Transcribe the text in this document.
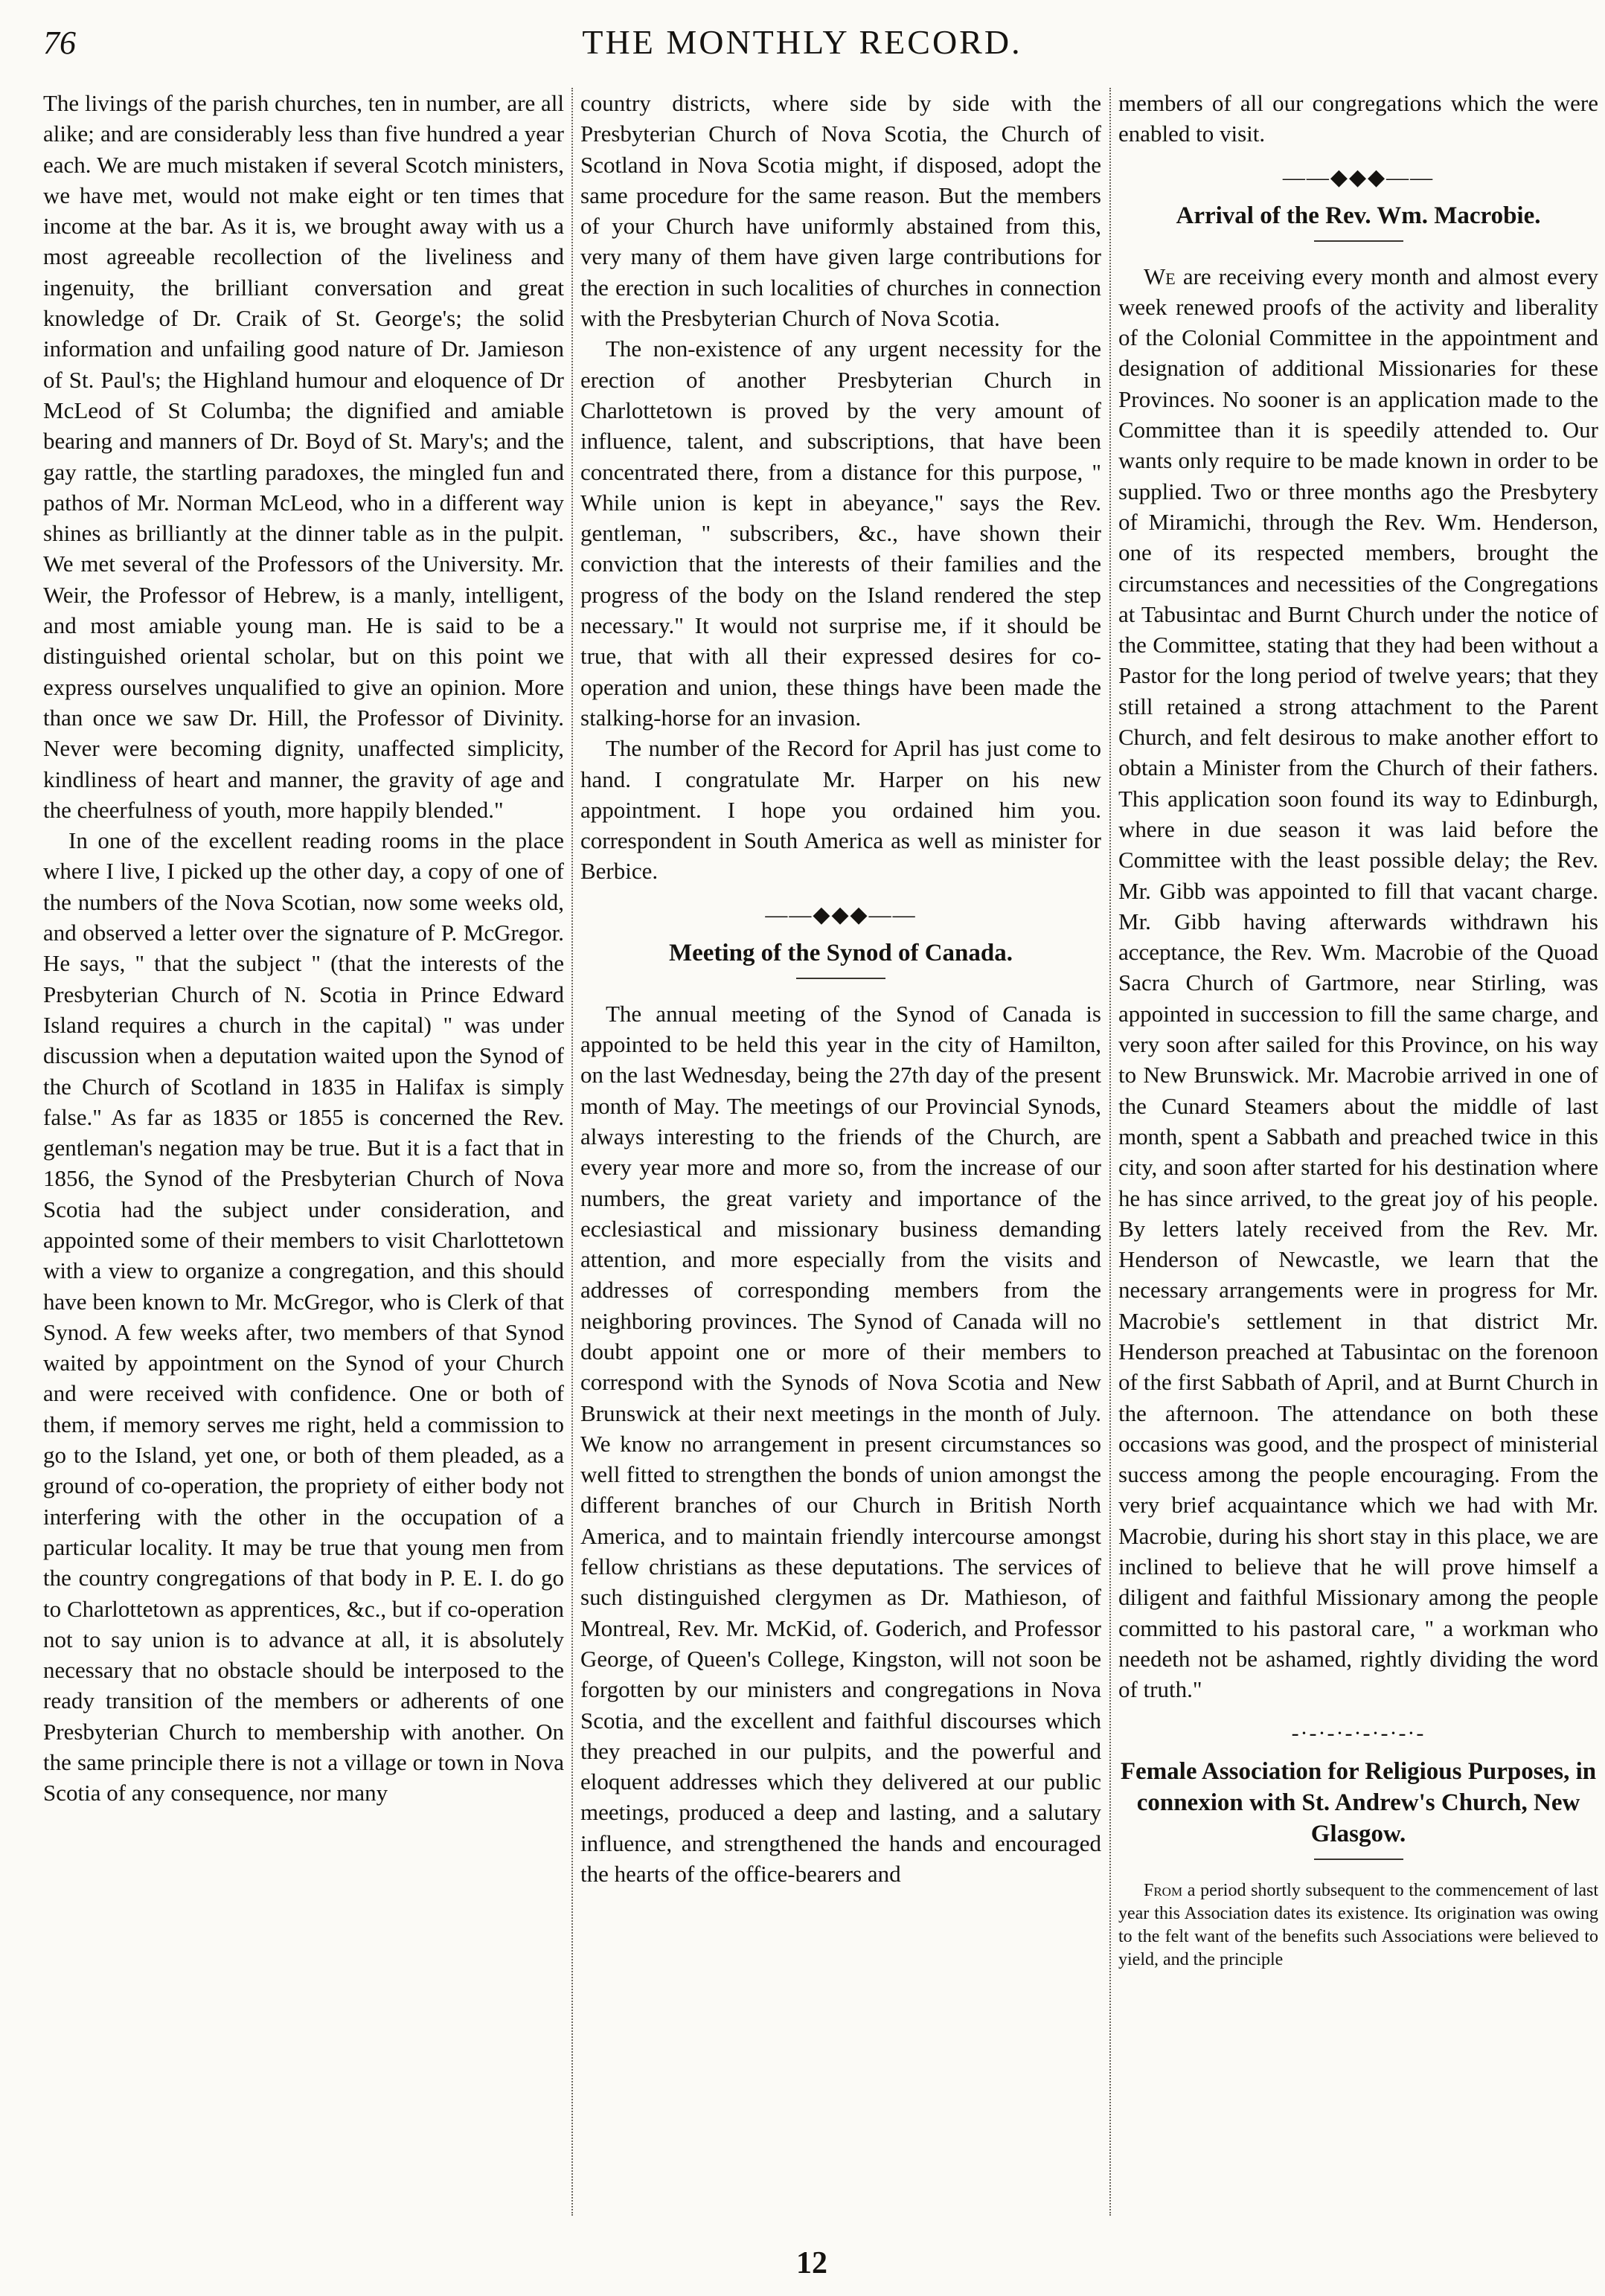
76	THE MONTHLY RECORD.

The livings of the parish churches, ten in number, are all alike; and are considerably less than five hundred a year each. We are much mistaken if several Scotch ministers, we have met, would not make eight or ten times that income at the bar. As it is, we brought away with us a most agreeable recollection of the liveliness and ingenuity, the brilliant conversation and great knowledge of Dr. Craik of St. George's; the solid information and unfailing good nature of Dr. Jamieson of St. Paul's; the Highland humour and eloquence of Dr McLeod of St Columba; the dignified and amiable bearing and manners of Dr. Boyd of St. Mary's; and the gay rattle, the startling paradoxes, the mingled fun and pathos of Mr. Norman McLeod, who in a different way shines as brilliantly at the dinner table as in the pulpit. We met several of the Professors of the University. Mr. Weir, the Professor of Hebrew, is a manly, intelligent, and most amiable young man. He is said to be a distinguished oriental scholar, but on this point we express ourselves unqualified to give an opinion. More than once we saw Dr. Hill, the Professor of Divinity. Never were becoming dignity, unaffected simplicity, kindliness of heart and manner, the gravity of age and the cheerfulness of youth, more happily blended."

In one of the excellent reading rooms in the place where I live, I picked up the other day, a copy of one of the numbers of the Nova Scotian, now some weeks old, and observed a letter over the signature of P. McGregor. He says, " that the subject " (that the interests of the Presbyterian Church of N. Scotia in Prince Edward Island requires a church in the capital) " was under discussion when a deputation waited upon the Synod of the Church of Scotland in 1835 in Halifax is simply false." As far as 1835 or 1855 is concerned the Rev. gentleman's negation may be true. But it is a fact that in 1856, the Synod of the Presbyterian Church of Nova Scotia had the subject under consideration, and appointed some of their members to visit Charlottetown with a view to organize a congregation, and this should have been known to Mr. McGregor, who is Clerk of that Synod. A few weeks after, two members of that Synod waited by appointment on the Synod of your Church and were received with confidence. One or both of them, if memory serves me right, held a commission to go to the Island, yet one, or both of them pleaded, as a ground of co-operation, the propriety of either body not interfering with the other in the occupation of a particular locality. It may be true that young men from the country congregations of that body in P. E. I. do go to Charlottetown as apprentices, &c., but if co-operation not to say union is to advance at all, it is absolutely necessary that no obstacle should be interposed to the ready transition of the members or adherents of one Presbyterian Church to membership with another. On the same principle there is not a village or town in Nova Scotia of any consequence, nor many

country districts, where side by side with the Presbyterian Church of Nova Scotia, the Church of Scotland in Nova Scotia might, if disposed, adopt the same procedure for the same reason. But the members of your Church have uniformly abstained from this, very many of them have given large contributions for the erection in such localities of churches in connection with the Presbyterian Church of Nova Scotia.

The non-existence of any urgent necessity for the erection of another Presbyterian Church in Charlottetown is proved by the very amount of influence, talent, and subscriptions, that have been concentrated there, from a distance for this purpose, " While union is kept in abeyance," says the Rev. gentleman, " subscribers, &c., have shown their conviction that the interests of their families and the progress of the body on the Island rendered the step necessary." It would not surprise me, if it should be true, that with all their expressed desires for co-operation and union, these things have been made the stalking-horse for an invasion.

The number of the Record for April has just come to hand. I congratulate Mr. Harper on his new appointment. I hope you ordained him you. correspondent in South America as well as minister for Berbice.

——◆◆◆——
Meeting of the Synod of Canada.

The annual meeting of the Synod of Canada is appointed to be held this year in the city of Hamilton, on the last Wednesday, being the 27th day of the present month of May. The meetings of our Provincial Synods, always interesting to the friends of the Church, are every year more and more so, from the increase of our numbers, the great variety and importance of the ecclesiastical and missionary business demanding attention, and more especially from the visits and addresses of corresponding members from the neighboring provinces. The Synod of Canada will no doubt appoint one or more of their members to correspond with the Synods of Nova Scotia and New Brunswick at their next meetings in the month of July. We know no arrangement in present circumstances so well fitted to strengthen the bonds of union amongst the different branches of our Church in British North America, and to maintain friendly intercourse amongst fellow christians as these deputations. The services of such distinguished clergymen as Dr. Mathieson, of Montreal, Rev. Mr. McKid, of. Goderich, and Professor George, of Queen's College, Kingston, will not soon be forgotten by our ministers and congregations in Nova Scotia, and the excellent and faithful discourses which they preached in our pulpits, and the powerful and eloquent addresses which they delivered at our public meetings, produced a deep and lasting, and a salutary influence, and strengthened the hands and encouraged the hearts of the office-bearers and

members of all our congregations which the were enabled to visit.

——◆◆◆——
Arrival of the Rev. Wm. Macrobie.

We are receiving every month and almost every week renewed proofs of the activity and liberality of the Colonial Committee in the appointment and designation of additional Missionaries for these Provinces. No sooner is an application made to the Committee than it is speedily attended to. Our wants only require to be made known in order to be supplied. Two or three months ago the Presbytery of Miramichi, through the Rev. Wm. Henderson, one of its respected members, brought the circumstances and necessities of the Congregations at Tabusintac and Burnt Church under the notice of the Committee, stating that they had been without a Pastor for the long period of twelve years; that they still retained a strong attachment to the Parent Church, and felt desirous to make another effort to obtain a Minister from the Church of their fathers. This application soon found its way to Edinburgh, where in due season it was laid before the Committee with the least possible delay; the Rev. Mr. Gibb was appointed to fill that vacant charge. Mr. Gibb having afterwards withdrawn his acceptance, the Rev. Wm. Macrobie of the Quoad Sacra Church of Gartmore, near Stirling, was appointed in succession to fill the same charge, and very soon after sailed for this Province, on his way to New Brunswick. Mr. Macrobie arrived in one of the Cunard Steamers about the middle of last month, spent a Sabbath and preached twice in this city, and soon after started for his destination where he has since arrived, to the great joy of his people. By letters lately received from the Rev. Mr. Henderson of Newcastle, we learn that the necessary arrangements were in progress for Mr. Macrobie's settlement in that district Mr. Henderson preached at Tabusintac on the forenoon of the first Sabbath of April, and at Burnt Church in the afternoon. The attendance on both these occasions was good, and the prospect of ministerial success among the people encouraging. From the very brief acquaintance which we had with Mr. Macrobie, during his short stay in this place, we are inclined to believe that he will prove himself a diligent and faithful Missionary among the people committed to his pastoral care, " a workman who needeth not be ashamed, rightly dividing the word of truth."

-·-·-·-·-·-·-·-
Female Association for Religious Purposes, in connexion with St. Andrew's Church, New Glasgow.

From a period shortly subsequent to the commencement of last year this Association dates its existence. Its origination was owing to the felt want of the benefits such Associations were believed to yield, and the principle

12
